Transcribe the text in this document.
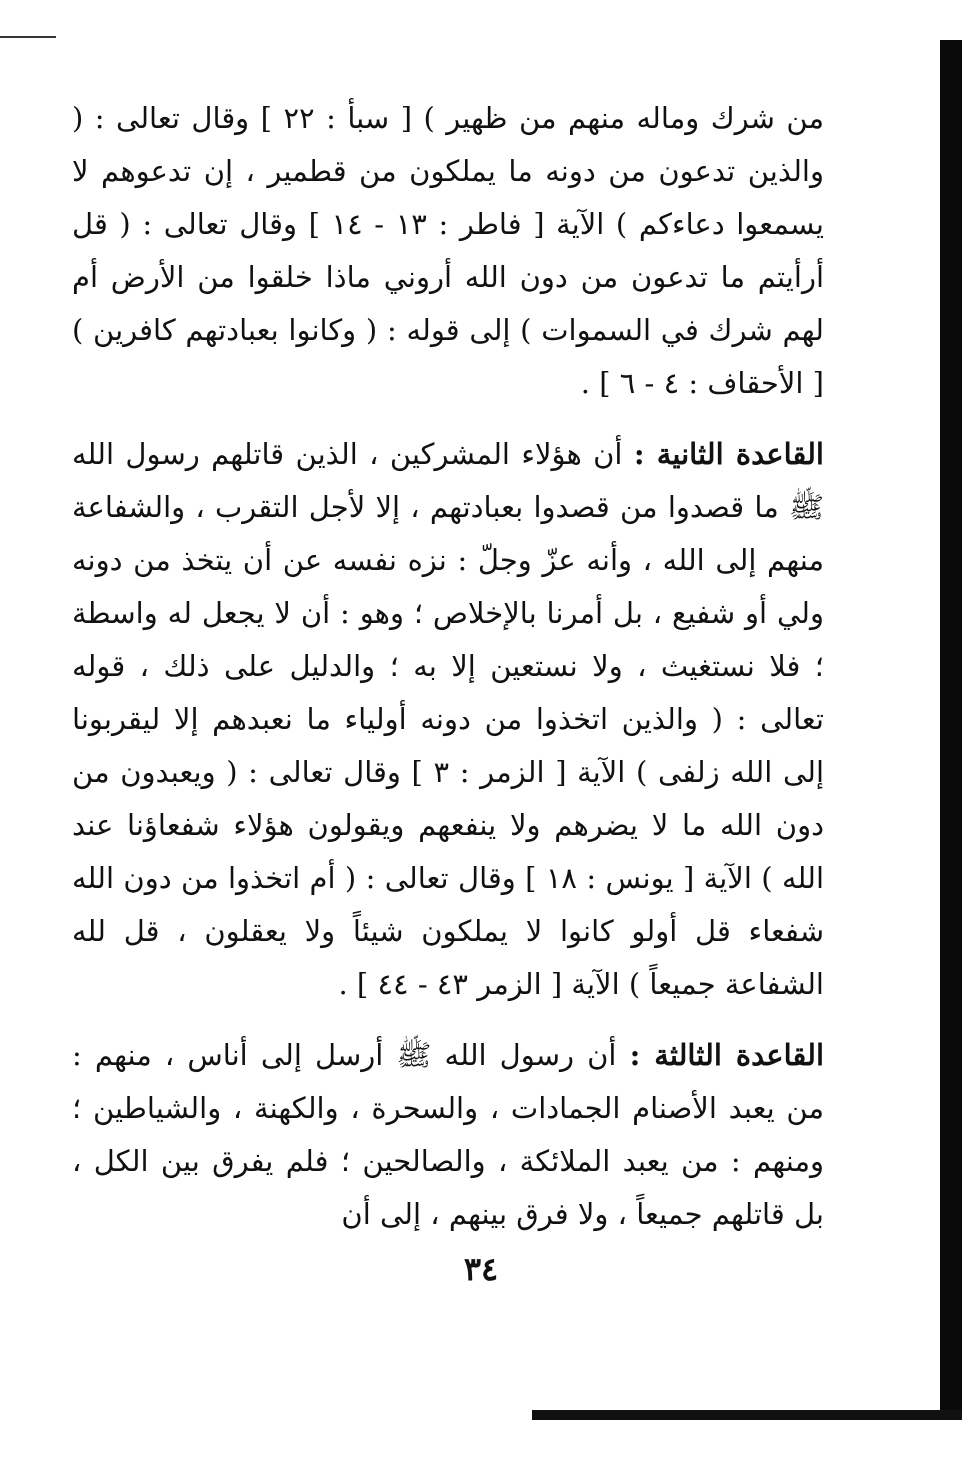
من شرك وماله منهم من ظهير ) [ سبأ : ٢٢ ] وقال تعالى : ( والذين تدعون من دونه ما يملكون من قطمير ، إن تدعوهم لا يسمعوا دعاءكم ) الآية [ فاطر : ١٣ - ١٤ ] وقال تعالى : ( قل أرأيتم ما تدعون من دون الله أروني ماذا خلقوا من الأرض أم لهم شرك في السموات ) إلى قوله : ( وكانوا بعبادتهم كافرين ) [ الأحقاف : ٤ - ٦ ] .

القاعدة الثانية : أن هؤلاء المشركين ، الذين قاتلهم رسول الله ﷺ ما قصدوا من قصدوا بعبادتهم ، إلا لأجل التقرب ، والشفاعة منهم إلى الله ، وأنه عزّ وجلّ : نزه نفسه عن أن يتخذ من دونه ولي أو شفيع ، بل أمرنا بالإخلاص ؛ وهو : أن لا يجعل له واسطة ؛ فلا نستغيث ، ولا نستعين إلا به ؛ والدليل على ذلك ، قوله تعالى : ( والذين اتخذوا من دونه أولياء ما نعبدهم إلا ليقربونا إلى الله زلفى ) الآية [ الزمر : ٣ ] وقال تعالى : ( ويعبدون من دون الله ما لا يضرهم ولا ينفعهم ويقولون هؤلاء شفعاؤنا عند الله ) الآية [ يونس : ١٨ ] وقال تعالى : ( أم اتخذوا من دون الله شفعاء قل أولو كانوا لا يملكون شيئاً ولا يعقلون ، قل لله الشفاعة جميعاً ) الآية [ الزمر ٤٣ - ٤٤ ] .

القاعدة الثالثة : أن رسول الله ﷺ أرسل إلى أناس ، منهم : من يعبد الأصنام الجمادات ، والسحرة ، والكهنة ، والشياطين ؛ ومنهم : من يعبد الملائكة ، والصالحين ؛ فلم يفرق بين الكل ، بل قاتلهم جميعاً ، ولا فرق بينهم ، إلى أن

٣٤
